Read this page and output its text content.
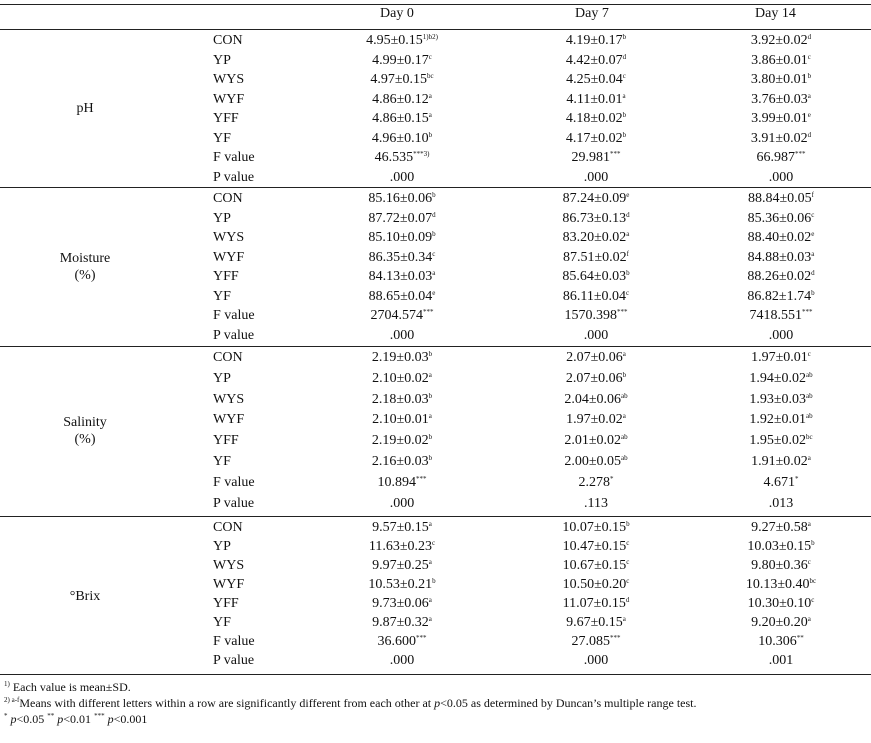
Day 0	Day 7	Day 14
pH
CON	$4.95\pm 0.15^{1)b2)}$	4.19±0.17$^b$	3.92±0.02$^d$
YP	4.99±0.17$^c$	4.42±0.07$^d$	3.86±0.01$^c$
WYS	4.97±0.15$^{bc}$	4.25±0.04$^c$	3.80±0.01$^b$
WYF	4.86±0.12$^a$	4.11±0.01$^a$	3.76±0.03$^a$
YFF	4.86±0.15$^a$	4.18±0.02$^b$	3.99±0.01$^e$
YF	4.96±0.10$^b$	4.17±0.02$^b$	3.91±0.02$^d$
F value	46.535$^{***3)}$	29.981***	66.987***
P value	.000	.000	.000
Moisture
(%)
CON	85.16±0.06$^b$	87.24±0.09$^e$	88.84±0.05$^f$
YP	87.72±0.07$^d$	86.73±0.13$^d$	85.36±0.06$^c$
WYS	85.10±0.09$^b$	83.20±0.02$^a$	88.40±0.02$^e$
WYF	86.35±0.34$^c$	87.51±0.02$^f$	84.88±0.03$^a$
YFF	84.13±0.03$^a$	85.64±0.03$^b$	88.26±0.02$^d$
YF	88.65±0.04$^e$	86.11±0.04$^c$	86.82±1.74$^b$
F value	2704.574***	1570.398***	7418.551***
P value	.000	.000	.000
Salinity
(%)
CON	2.19±0.03$^b$	2.07±0.06$^a$	1.97±0.01$^c$
YP	2.10±0.02$^a$	2.07±0.06$^b$	1.94±0.02$^{ab}$
WYS	2.18±0.03$^b$	2.04±0.06$^{ab}$	1.93±0.03$^{ab}$
WYF	2.10±0.01$^a$	1.97±0.02$^a$	1.92±0.01$^{ab}$
YFF	2.19±0.02$^b$	2.01±0.02$^{ab}$	1.95±0.02$^{bc}$
YF	2.16±0.03$^b$	2.00±0.05$^{ab}$	1.91±0.02$^a$
F value	10.894***	2.278*	4.671*
P value	.000	.113	.013
°Brix
CON	9.57±0.15$^a$	10.07±0.15$^b$	9.27±0.58$^a$
YP	11.63±0.23$^c$	10.47±0.15$^c$	10.03±0.15$^b$
WYS	9.97±0.25$^a$	10.67±0.15$^c$	9.80±0.36$^c$
WYF	10.53±0.21$^b$	10.50±0.20$^c$	10.13±0.40$^{bc}$
YFF	9.73±0.06$^a$	11.07±0.15$^d$	10.30±0.10$^c$
YF	9.87±0.32$^a$	9.67±0.15$^a$	9.20±0.20$^a$
F value	36.600***	27.085***	10.306**
P value	.000	.000	.001
$^{1)}$ Each value is mean±SD.
$^{2) a-f}$Means with different letters within a row are significantly different from each other at p<0.05 as determined by Duncan’s multiple range test.
* p<0.05 ** p<0.01 *** p<0.001
